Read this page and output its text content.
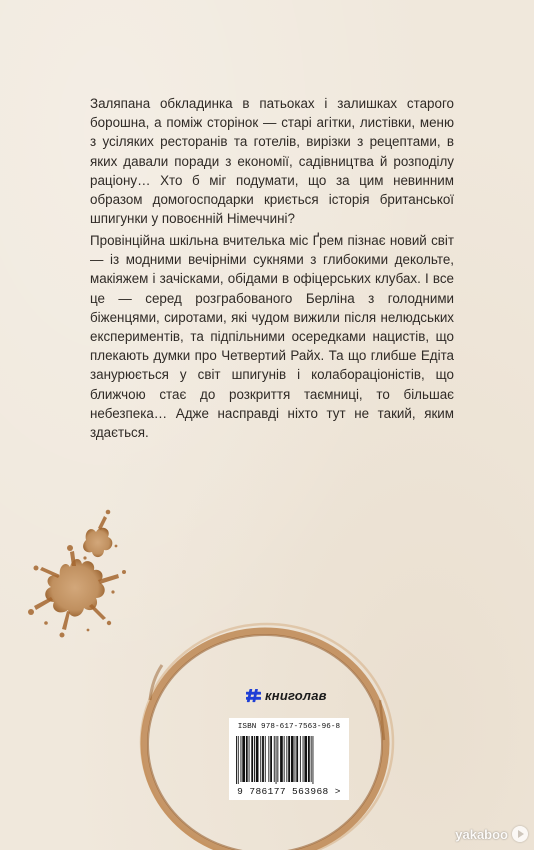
Заляпана обкладинка в патьоках і залишках старого борошна, а поміж сторінок — старі агітки, листівки, меню з усіляких ресторанів та готелів, вирізки з рецептами, в яких давали поради з економії, садівництва й розподілу раціону… Хто б міг подумати, що за цим невинним образом домогосподарки криється історія британської шпигунки у повоєнній Німеччині?

Провінційна шкільна вчителька міс Ґрем пізнає новий світ — із модними вечірніми сукнями з глибокими декольте, макіяжем і зачісками, обідами в офіцерських клубах. І все це — серед розграбованого Берліна з голодними біженцями, сиротами, які чудом вижили після нелюдських експериментів, та підпільними осередками нацистів, що плекають думки про Четвертий Райх. Та що глибше Едіта занурюється у світ шпигунів і колабораціоністів, що ближчою стає до розкриття таємниці, то більшає небезпека… Адже насправді ніхто тут не такий, яким здається.

книголав
ISBN 978-617-7563-96-8
9 786177 563968 >
yakaboo
